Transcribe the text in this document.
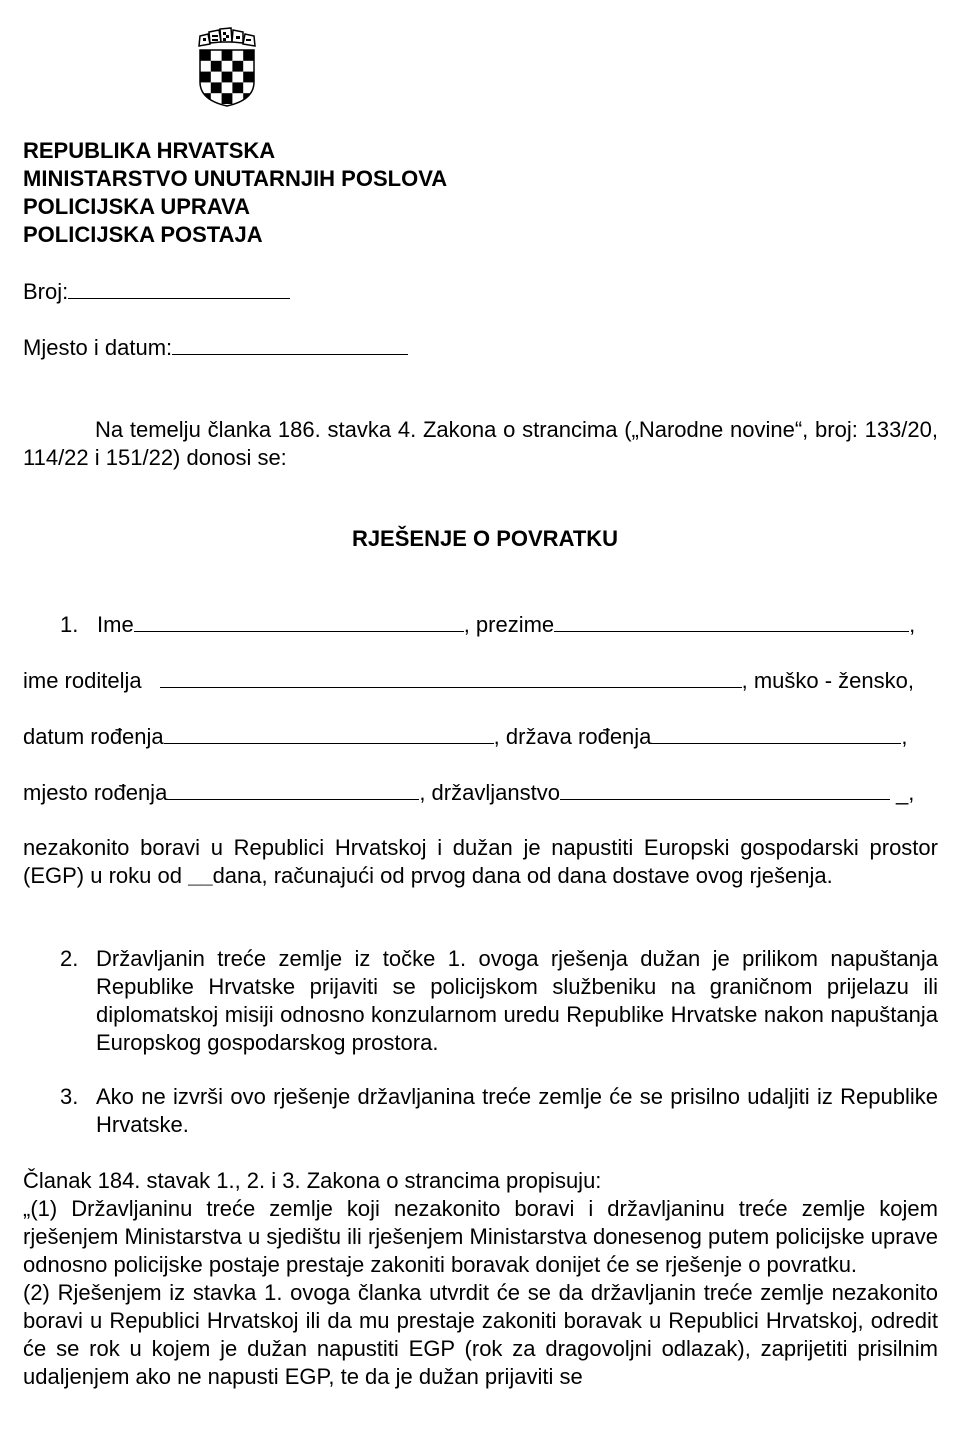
REPUBLIKA HRVATSKA
MINISTARSTVO UNUTARNJIH POSLOVA
POLICIJSKA UPRAVA
POLICIJSKA POSTAJA
Broj:
Mjesto i datum:
Na temelju članka 186. stavka 4. Zakona o strancima („Narodne novine“, broj: 133/20, 114/22 i 151/22) donosi se:
RJEŠENJE O POVRATKU
1. Ime	, prezime	,
ime roditelja	, muško - žensko,
datum rođenja	, država rođenja	,
mjesto rođenja	, državljanstvo	_,
nezakonito boravi u Republici Hrvatskoj i dužan je napustiti Europski gospodarski prostor (EGP) u roku od __dana, računajući od prvog dana od dana dostave ovog rješenja.
2. Državljanin treće zemlje iz točke 1. ovoga rješenja dužan je prilikom napuštanja Republike Hrvatske prijaviti se policijskom službeniku na graničnom prijelazu ili diplomatskoj misiji odnosno konzularnom uredu Republike Hrvatske nakon napuštanja Europskog gospodarskog prostora.
3. Ako ne izvrši ovo rješenje državljanina treće zemlje će se prisilno udaljiti iz Republike Hrvatske.
Članak 184. stavak 1., 2. i 3. Zakona o strancima propisuju:
„(1) Državljaninu treće zemlje koji nezakonito boravi i državljaninu treće zemlje kojem rješenjem Ministarstva u sjedištu ili rješenjem Ministarstva donesenog putem policijske uprave odnosno policijske postaje prestaje zakoniti boravak donijet će se rješenje o povratku.
(2) Rješenjem iz stavka 1. ovoga članka utvrdit će se da državljanin treće zemlje nezakonito boravi u Republici Hrvatskoj ili da mu prestaje zakoniti boravak u Republici Hrvatskoj, odredit će se rok u kojem je dužan napustiti EGP (rok za dragovoljni odlazak), zaprijetiti prisilnim udaljenjem ako ne napusti EGP, te da je dužan prijaviti se
